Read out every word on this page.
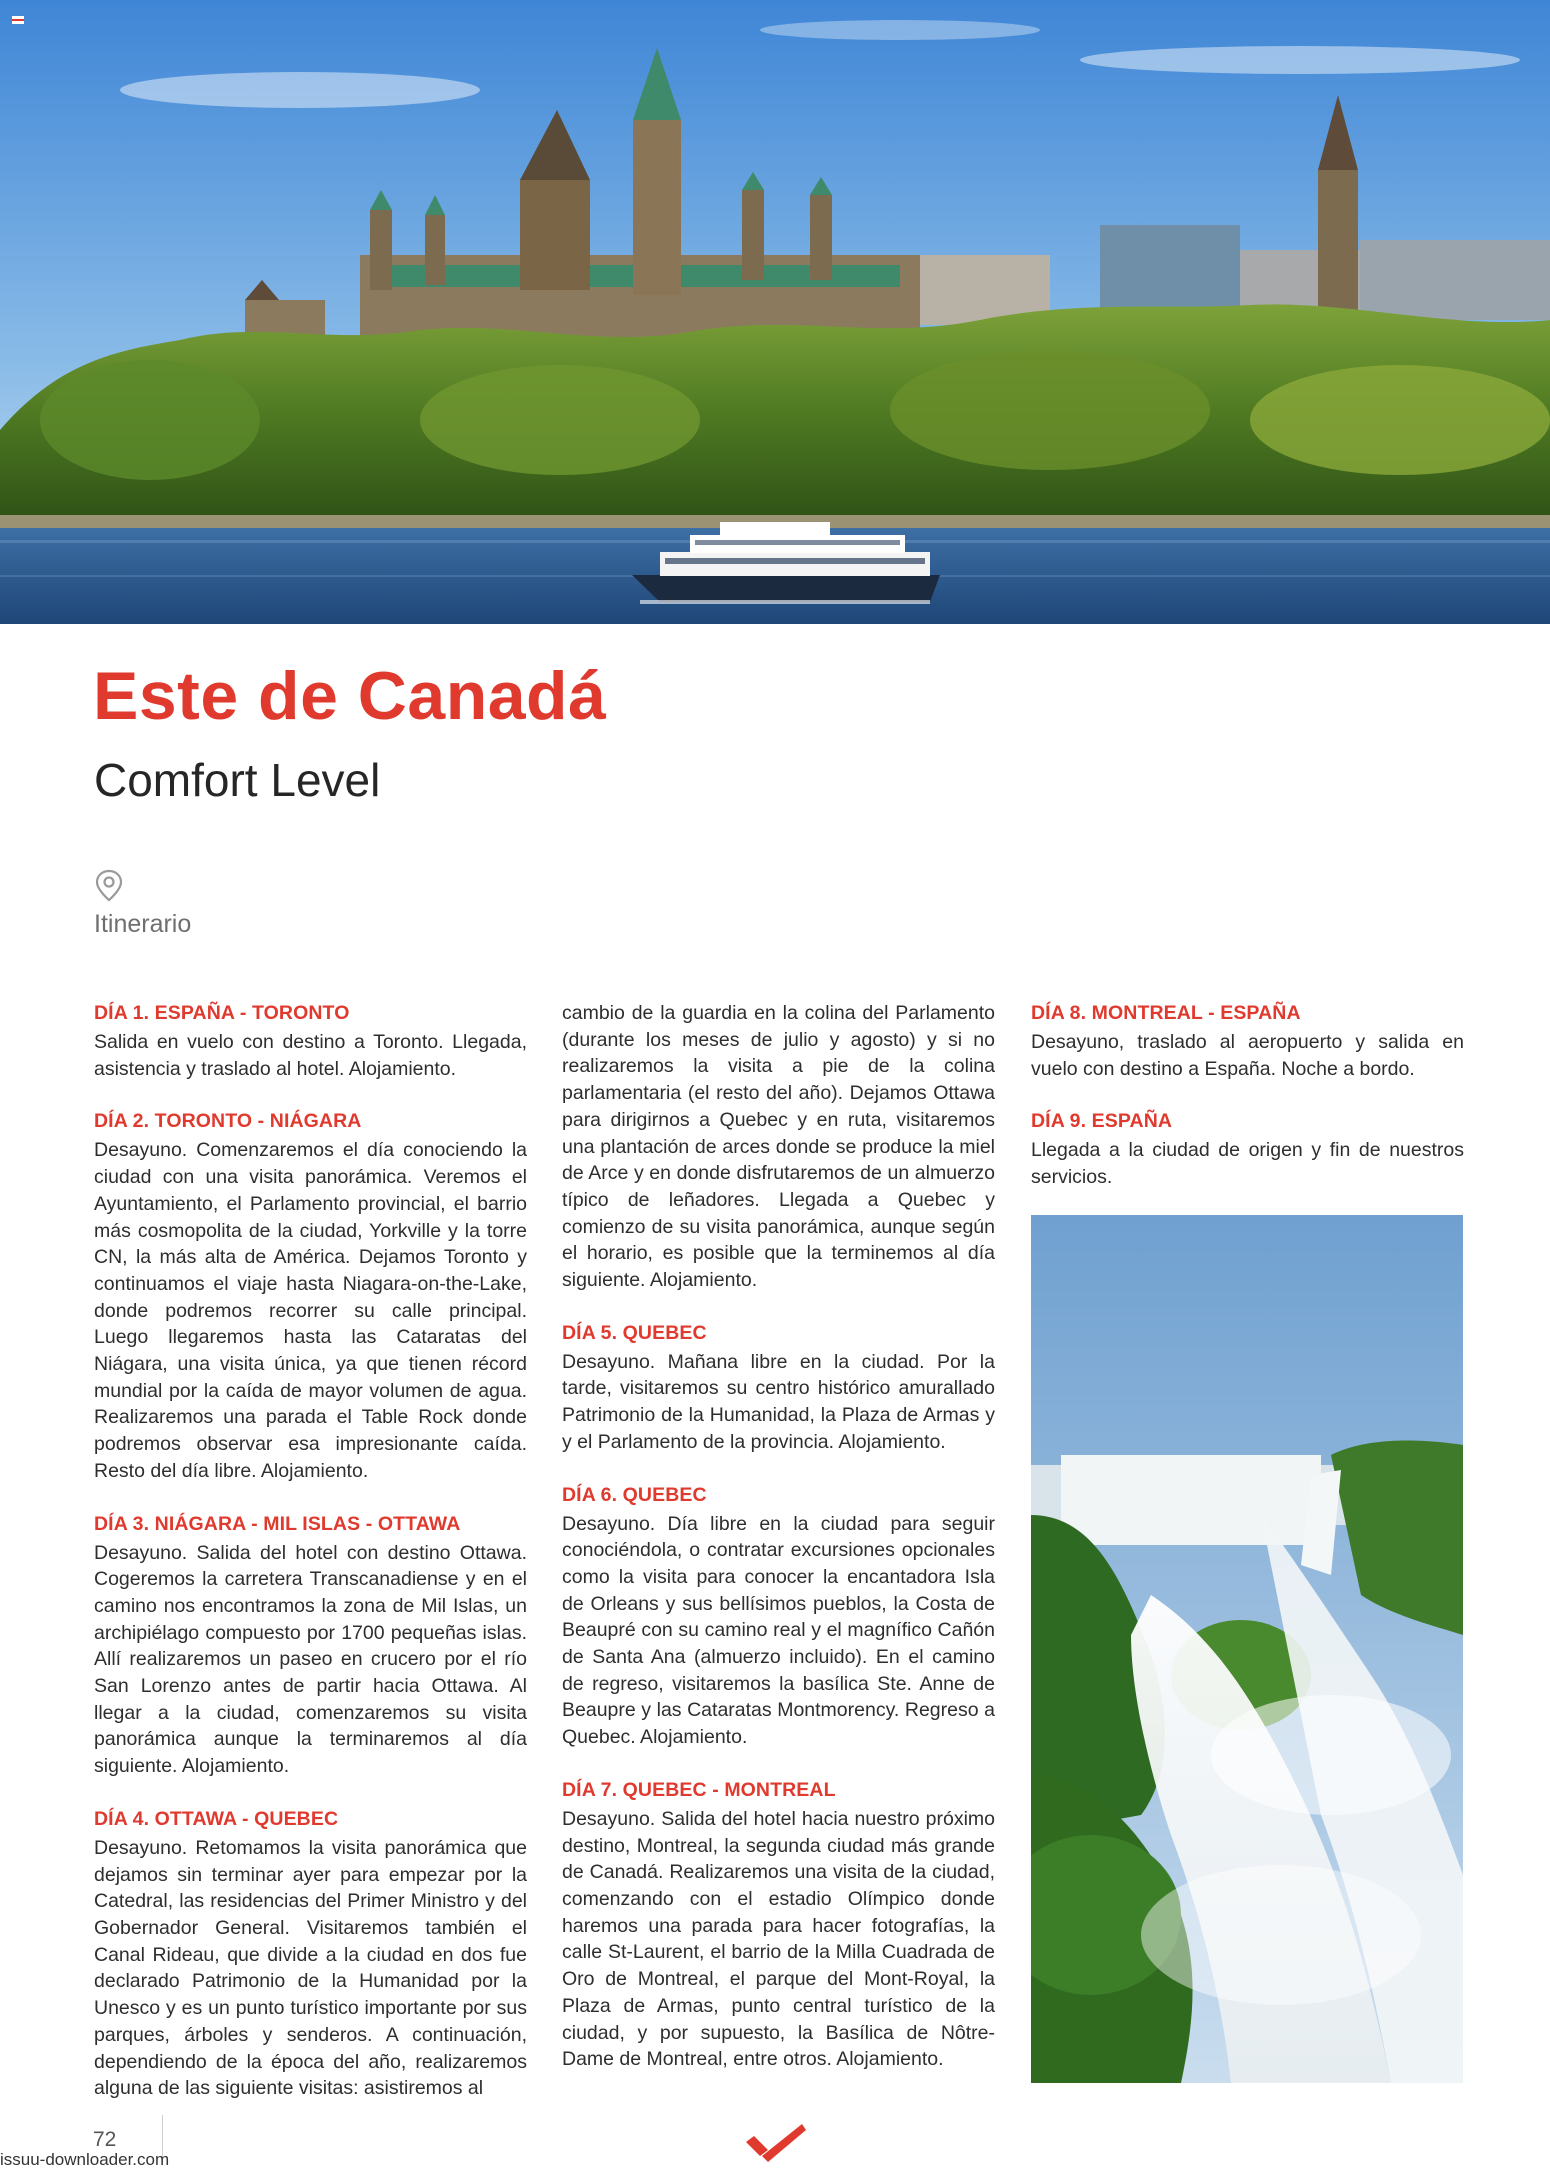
Este de Canadá
Comfort Level
Itinerario
DÍA 1. ESPAÑA - TORONTO

Salida en vuelo con destino a Toronto. Llegada, asistencia y traslado al hotel. Alojamiento.

DÍA 2. TORONTO - NIÁGARA

Desayuno. Comenzaremos el día conociendo la ciudad con una visita panorámica. Veremos el Ayuntamiento, el Parlamento provincial, el barrio más cosmopolita de la ciudad, Yorkville y la torre CN, la más alta de América. Dejamos Toronto y continuamos el viaje hasta Niagara-on-the-Lake, donde podremos recorrer su calle principal. Luego llegaremos hasta las Cataratas del Niágara, una visita única, ya que tienen récord mundial por la caída de mayor volumen de agua. Realizaremos una parada el Table Rock donde podremos observar esa impresionante caída. Resto del día libre. Alojamiento.

DÍA 3. NIÁGARA - MIL ISLAS - OTTAWA

Desayuno. Salida del hotel con destino Ottawa. Cogeremos la carretera Transcanadiense y en el camino nos encontramos la zona de Mil Islas, un archipiélago compuesto por 1700 pequeñas islas. Allí realizaremos un paseo en crucero por el río San Lorenzo antes de partir hacia Ottawa. Al llegar a la ciudad, comenzaremos su visita panorámica aunque la terminaremos al día siguiente. Alojamiento.

DÍA 4. OTTAWA - QUEBEC

Desayuno. Retomamos la visita panorámica que dejamos sin terminar ayer para empezar por la Catedral, las residencias del Primer Ministro y del Gobernador General. Visitaremos también el Canal Rideau, que divide a la ciudad en dos fue declarado Patrimonio de la Humanidad por la Unesco y es un punto turístico importante por sus parques, árboles y senderos. A continuación, dependiendo de la época del año, realizaremos alguna de las siguiente visitas: asistiremos al

cambio de la guardia en la colina del Parlamento (durante los meses de julio y agosto) y si no realizaremos la visita a pie de la colina parlamentaria (el resto del año). Dejamos Ottawa para dirigirnos a Quebec y en ruta, visitaremos una plantación de arces donde se produce la miel de Arce y en donde disfrutaremos de un almuerzo típico de leñadores. Llegada a Quebec y comienzo de su visita panorámica, aunque según el horario, es posible que la terminemos al día siguiente. Alojamiento.

DÍA 5. QUEBEC

Desayuno. Mañana libre en la ciudad. Por la tarde, visitaremos su centro histórico amurallado Patrimonio de la Humanidad, la Plaza de Armas y y el Parlamento de la provincia. Alojamiento.

DÍA 6. QUEBEC

Desayuno. Día libre en la ciudad para seguir conociéndola, o contratar excursiones opcionales como la visita para conocer la encantadora Isla de Orleans y sus bellísimos pueblos, la Costa de Beaupré con su camino real y el magnífico Cañón de Santa Ana (almuerzo incluido). En el camino de regreso, visitaremos la basílica Ste. Anne de Beaupre y las Cataratas Montmorency. Regreso a Quebec. Alojamiento.

DÍA 7. QUEBEC - MONTREAL

Desayuno. Salida del hotel hacia nuestro próximo destino, Montreal, la segunda ciudad más grande de Canadá. Realizaremos una visita de la ciudad, comenzando con el estadio Olímpico donde haremos una parada para hacer fotografías, la calle St-Laurent, el barrio de la Milla Cuadrada de Oro de Montreal, el parque del Mont-Royal, la Plaza de Armas, punto central turístico de la ciudad, y por supuesto, la Basílica de Nôtre-Dame de Montreal, entre otros. Alojamiento.

DÍA 8. MONTREAL - ESPAÑA

Desayuno, traslado al aeropuerto y salida en vuelo con destino a España. Noche a bordo.

DÍA 9. ESPAÑA

Llegada a la ciudad de origen y fin de nuestros servicios.

72
issuu-downloader.com
